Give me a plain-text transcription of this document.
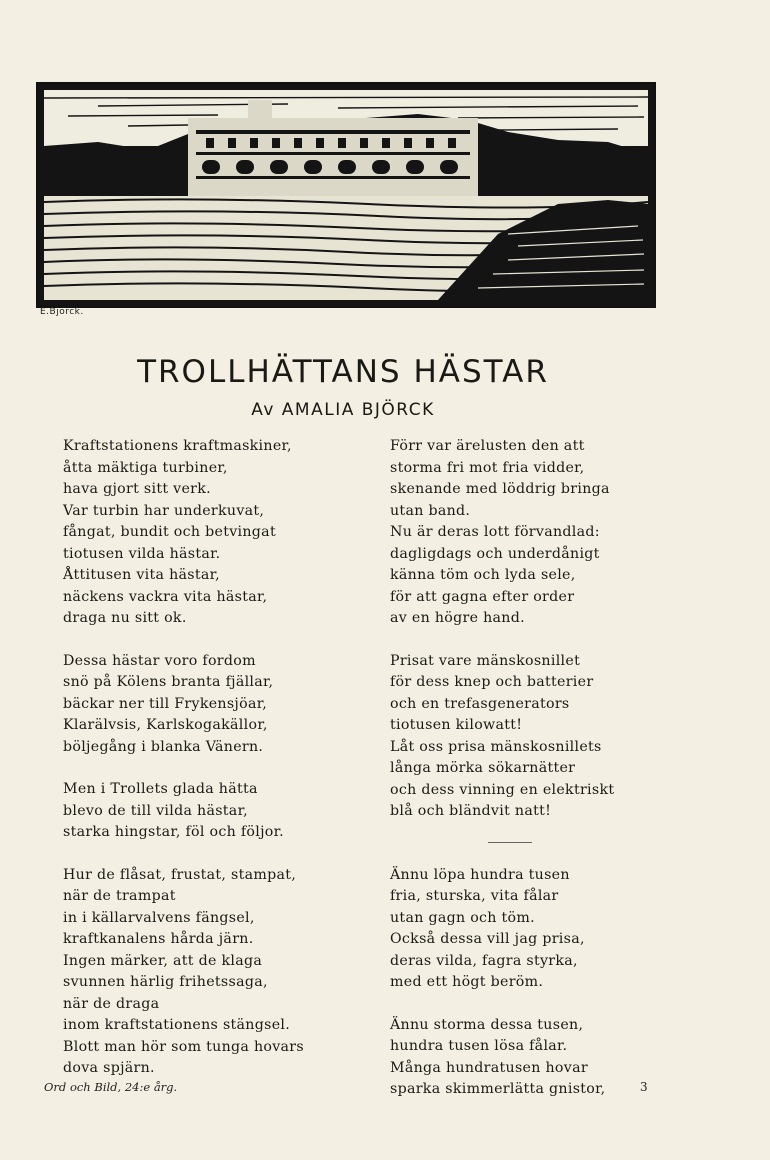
E.Björck.
TROLLHÄTTANS HÄSTAR
Av AMALIA BJÖRCK
Kraftstationens kraftmaskiner,
åtta mäktiga turbiner,
hava gjort sitt verk.
Var turbin har underkuvat,
fångat, bundit och betvingat
tiotusen vilda hästar.
Åttitusen vita hästar,
näckens vackra vita hästar,
draga nu sitt ok.
Dessa hästar voro fordom
snö på Kölens branta fjällar,
bäckar ner till Frykensjöar,
Klarälvsis, Karlskogakällor,
böljegång i blanka Vänern.
Men i Trollets glada hätta
blevo de till vilda hästar,
starka hingstar, föl och följor.
Hur de flåsat, frustat, stampat,
när de trampat
in i källarvalvens fängsel,
kraftkanalens hårda järn.
Ingen märker, att de klaga
svunnen härlig frihetssaga,
när de draga
inom kraftstationens stängsel.
Blott man hör som tunga hovars
dova spjärn.
Förr var ärelusten den att
storma fri mot fria vidder,
skenande med löddrig bringa
utan band.
Nu är deras lott förvandlad:
dagligdags och underdånigt
känna töm och lyda sele,
för att gagna efter order
av en högre hand.
Prisat vare mänskosnillet
för dess knep och batterier
och en trefasgenerators
tiotusen kilowatt!
Låt oss prisa mänskosnillets
långa mörka sökarnätter
och dess vinning en elektriskt
blå och bländvit natt!
Ännu löpa hundra tusen
fria, sturska, vita fålar
utan gagn och töm.
Också dessa vill jag prisa,
deras vilda, fagra styrka,
med ett högt beröm.
Ännu storma dessa tusen,
hundra tusen lösa fålar.
Många hundratusen hovar
sparka skimmerlätta gnistor,
Ord och Bild, 24:e årg.	3
